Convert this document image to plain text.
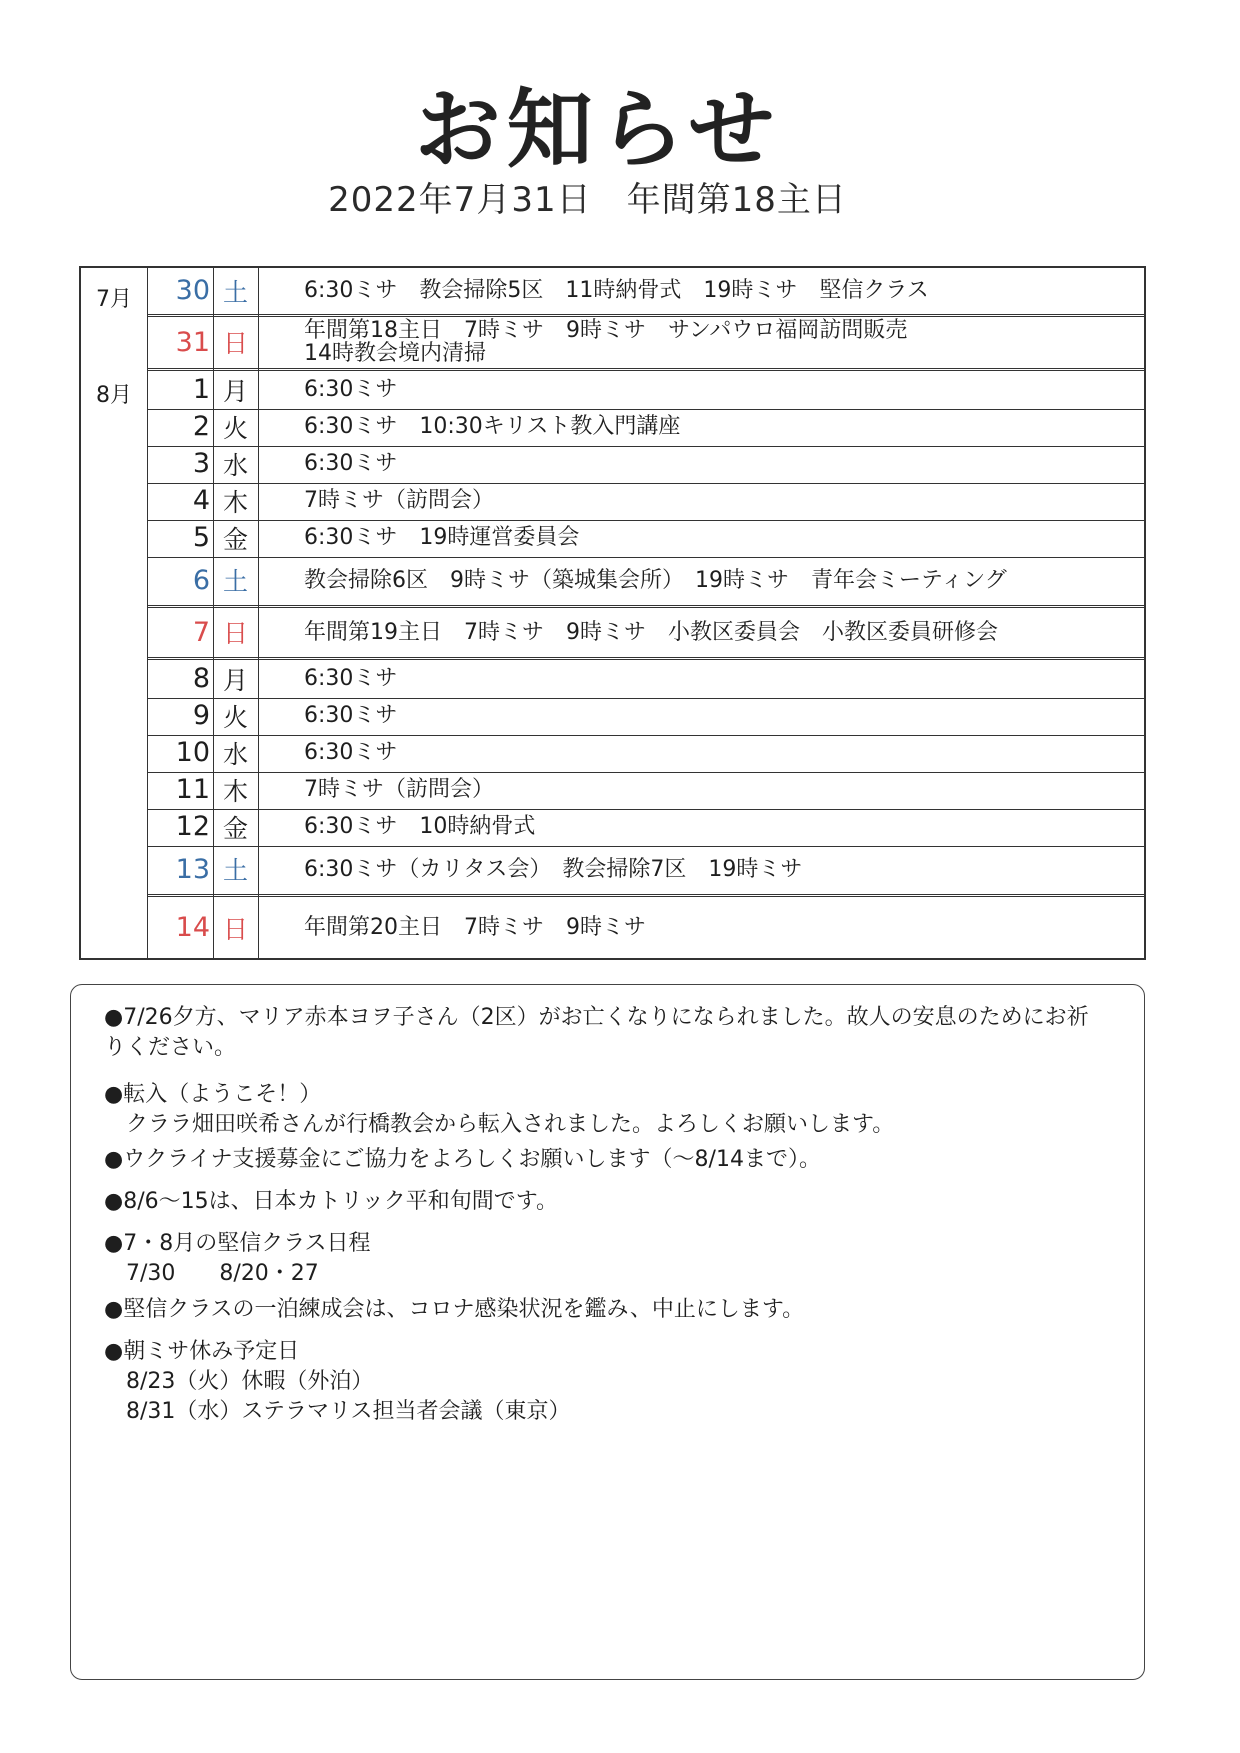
お知らせ
2022年7月31日　年間第18主日
7月
8月
30 土	6:30ミサ　教会掃除5区　11時納骨式　19時ミサ　堅信クラス
31 日	年間第18主日　7時ミサ　9時ミサ　サンパウロ福岡訪問販売
14時教会境内清掃
1 月	6:30ミサ
2 火	6:30ミサ　10:30キリスト教入門講座
3 水	6:30ミサ
4 木	7時ミサ（訪問会）
5 金	6:30ミサ　19時運営委員会
6 土	教会掃除6区　9時ミサ（築城集会所）　19時ミサ　青年会ミーティング
7 日	年間第19主日　7時ミサ　9時ミサ　小教区委員会　小教区委員研修会
8 月	6:30ミサ
9 火	6:30ミサ
10 水	6:30ミサ
11 木	7時ミサ（訪問会）
12 金	6:30ミサ　10時納骨式
13 土	6:30ミサ（カリタス会）　教会掃除7区　19時ミサ
14 日	年間第20主日　7時ミサ　9時ミサ
●7/26夕方、マリア赤本ヨヲ子さん（2区）がお亡くなりになられました。故人の安息のためにお祈
りください。
●転入（ようこそ！）
　クララ畑田咲希さんが行橋教会から転入されました。よろしくお願いします。
●ウクライナ支援募金にご協力をよろしくお願いします（～8/14まで）。
●8/6～15は、日本カトリック平和旬間です。
●7・8月の堅信クラス日程
　7/30　　8/20・27
●堅信クラスの一泊練成会は、コロナ感染状況を鑑み、中止にします。
●朝ミサ休み予定日
　8/23（火）休暇（外泊）
　8/31（水）ステラマリス担当者会議（東京）
